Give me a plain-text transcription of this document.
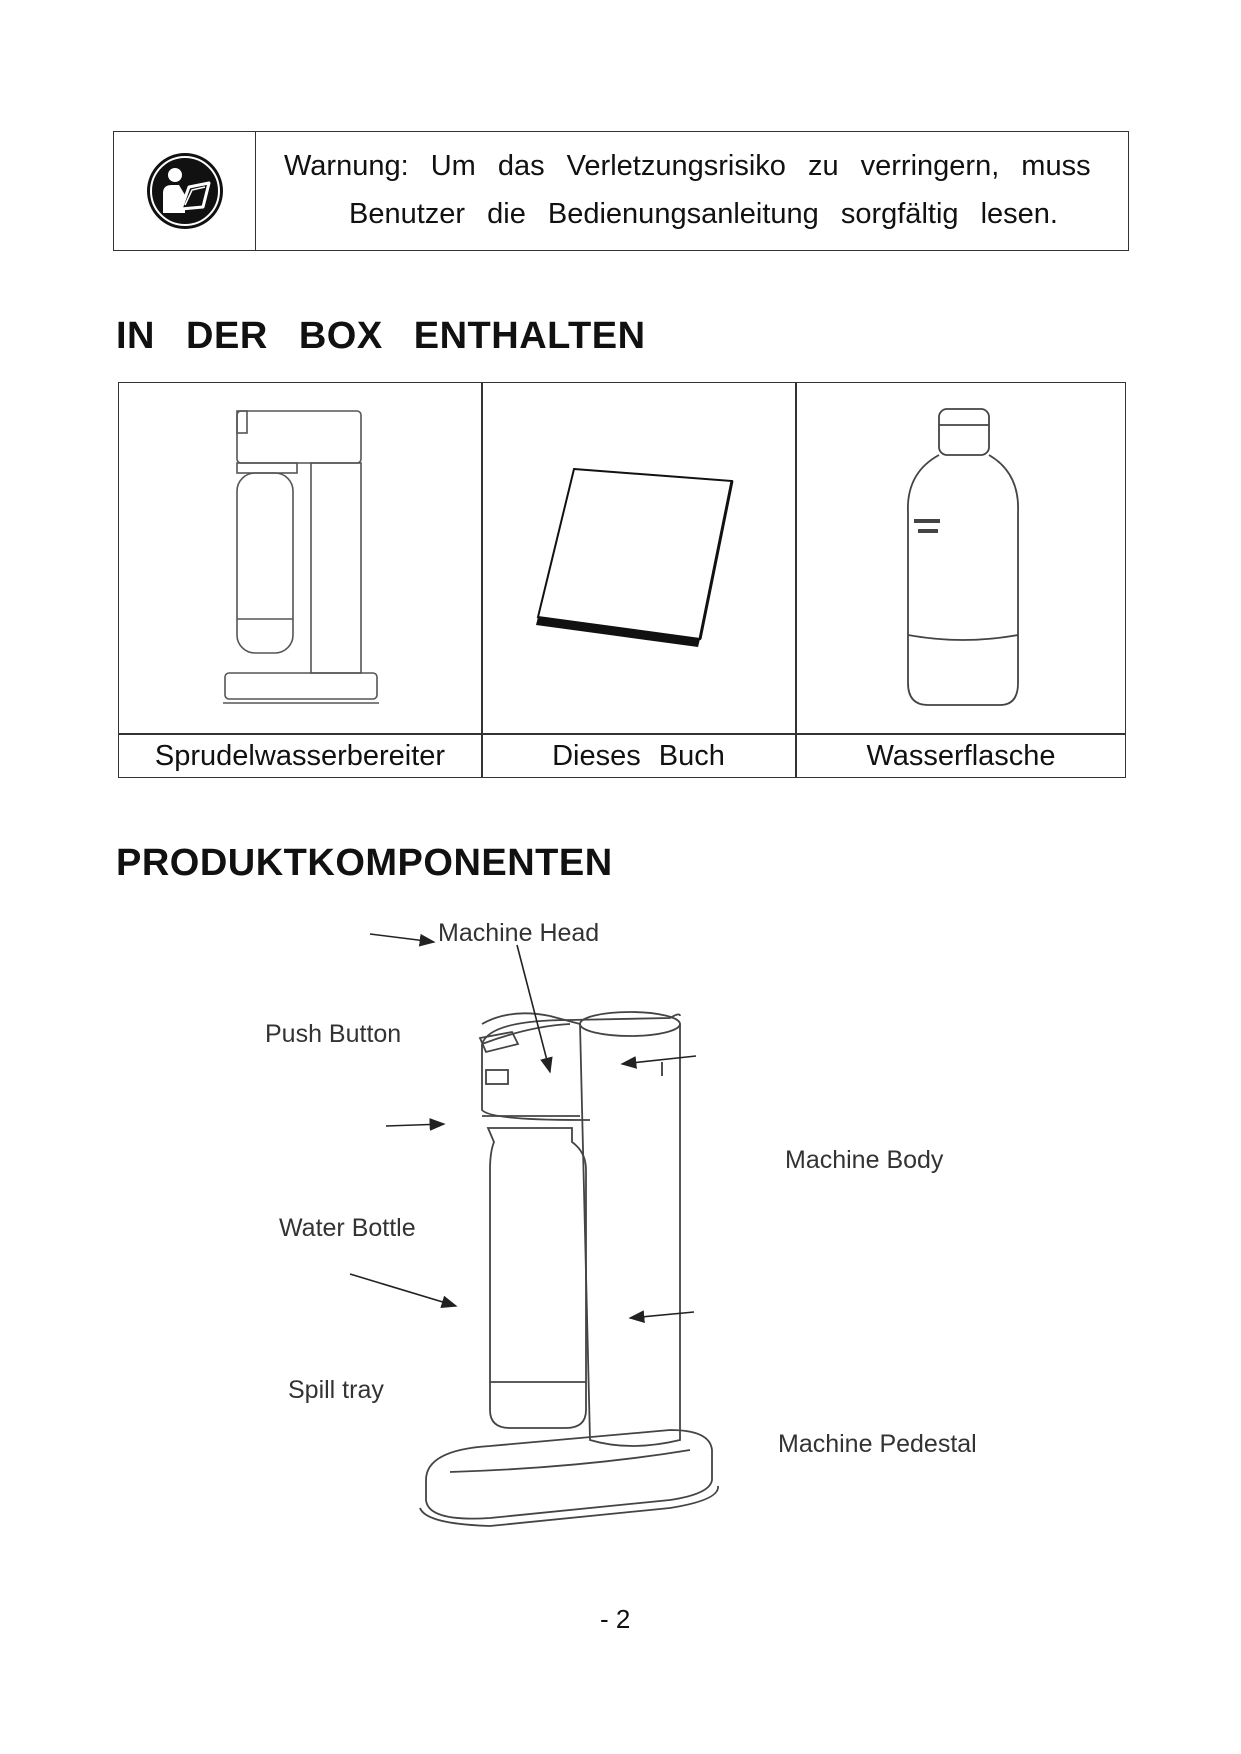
Warnung: Um das Verletzungsrisiko zu verringern, muss
Benutzer die Bedienungsanleitung sorgfältig lesen.
IN DER BOX ENTHALTEN
Sprudelwasserbereiter	Dieses Buch	Wasserflasche
PRODUKTKOMPONENTEN
Machine Head
Push Button
Machine Body
Water Bottle
Spill tray
Machine Pedestal
- 2
